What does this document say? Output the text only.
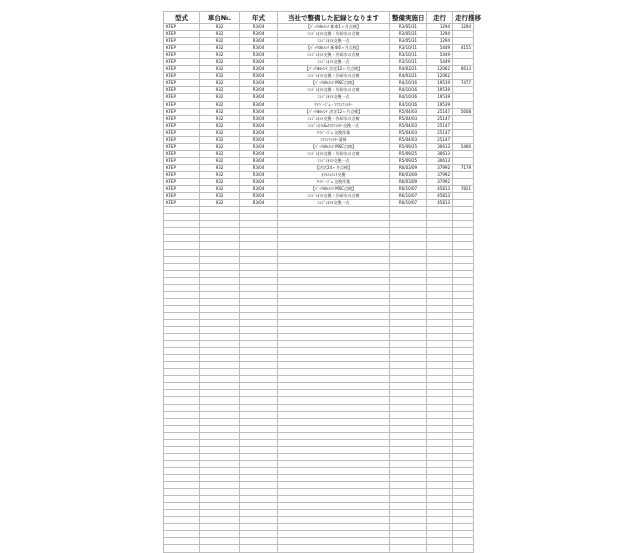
型式	車台№.	年式	当社で整備した記録となります	整備実施日	走行	走行推移
KFEP	932	R3/04	【ﾊﾟｯｸdeﾒﾝﾃ 新車1ヶ月点検】	R3/05/31	1294	1294
KFEP	932	R3/04	ｴﾝｼﾞﾝｵｲﾙ交換・冷却水の点検	R3/05/31	1294	
KFEP	932	R3/04	ｴﾝｼﾞﾝｵｲﾙ交換一式	R3/05/31	1294	
KFEP	932	R3/04	【ﾊﾟｯｸdeﾒﾝﾃ 新車6ヶ月点検】	R3/10/11	5449	4155
KFEP	932	R3/04	ｴﾝｼﾞﾝｵｲﾙ交換・冷却水の点検	R3/10/11	5449	
KFEP	932	R3/04	ｴﾝｼﾞﾝｵｲﾙ交換一式	R3/10/11	5449	
KFEP	932	R3/04	【ﾊﾟｯｸdeﾒﾝﾃ 法定12ヶ月点検】	R4/03/21	12062	6613
KFEP	932	R3/04	ｴﾝｼﾞﾝｵｲﾙ交換・冷却水の点検	R4/03/21	12062	
KFEP	932	R3/04	【ﾊﾟｯｸdeﾒﾝﾃ MSC点検】	R4/10/16	19539	7477
KFEP	932	R3/04	ｴﾝｼﾞﾝｵｲﾙ交換・冷却水の点検	R4/10/16	19539	
KFEP	932	R3/04	ｴﾝｼﾞﾝｵｲﾙ交換一式	R4/10/16	19539	
KFEP	932	R3/04	ﾜｲﾊﾟｰｺﾞﾑ・ｴｱｺﾝﾌｨﾙﾀｰ	R4/10/16	19539	
KFEP	932	R3/04	【ﾊﾟｯｸdeﾒﾝﾃ 法定12ヶ月点検】	R5/04/03	25147	5608
KFEP	932	R3/04	ｴﾝｼﾞﾝｵｲﾙ交換・冷却水の点検	R5/04/03	25147	
KFEP	932	R3/04	ｴﾝｼﾞﾝｵｲﾙ&ｵｲﾙﾌｨﾙﾀｰ交換一式	R5/04/03	25147	
KFEP	932	R3/04	ﾜｲﾊﾟｰｺﾞﾑ 交換作業	R5/04/03	25147	
KFEP	932	R3/04	ｴｱｺﾝﾌｨﾙﾀｰ清掃	R5/04/03	25147	
KFEP	932	R3/04	【ﾊﾟｯｸdeﾒﾝﾃ MSC点検】	R5/09/25	30613	5466
KFEP	932	R3/04	ｴﾝｼﾞﾝｵｲﾙ交換・冷却水の点検	R5/09/25	30613	
KFEP	932	R3/04	ｴﾝｼﾞﾝｵｲﾙ交換一式	R5/09/25	30613	
KFEP	932	R3/04	【法定24ヶ月点検】	R6/03/09	37992	7179
KFEP	932	R3/04	ｵｲﾙｴﾚﾒﾝﾄ交換	R6/03/09	37992	
KFEP	932	R3/04	ﾜｲﾊﾟｰｺﾞﾑ 交換作業	R6/03/09	37992	
KFEP	932	R3/04	【ﾊﾟｯｸdeﾒﾝﾃ MSC点検】	R6/10/07	45813	7821
KFEP	932	R3/04	ｴﾝｼﾞﾝｵｲﾙ交換・冷却水の点検	R6/10/07	45813	
KFEP	932	R3/04	ｴﾝｼﾞﾝｵｲﾙ交換一式	R6/10/07	45813	
